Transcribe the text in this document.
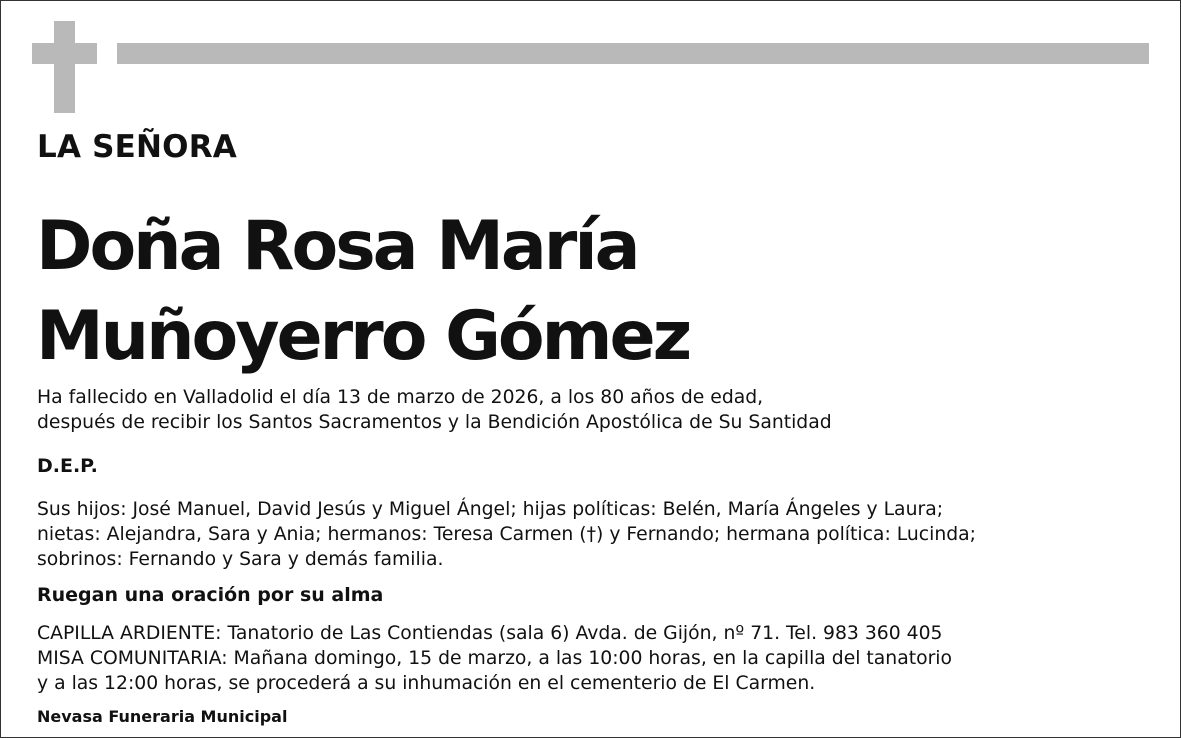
LA SEÑORA
Doña Rosa María
Muñoyerro Gómez
Ha fallecido en Valladolid el día 13 de marzo de 2026, a los 80 años de edad,
después de recibir los Santos Sacramentos y la Bendición Apostólica de Su Santidad
D.E.P.
Sus hijos: José Manuel, David Jesús y Miguel Ángel; hijas políticas: Belén, María Ángeles y Laura;
nietas: Alejandra, Sara y Ania; hermanos: Teresa Carmen (†) y Fernando; hermana política: Lucinda;
sobrinos: Fernando y Sara y demás familia.
Ruegan una oración por su alma
CAPILLA ARDIENTE: Tanatorio de Las Contiendas (sala 6) Avda. de Gijón, nº 71. Tel. 983 360 405
MISA COMUNITARIA: Mañana domingo, 15 de marzo, a las 10:00 horas, en la capilla del tanatorio
y a las 12:00 horas, se procederá a su inhumación en el cementerio de El Carmen.
Nevasa Funeraria Municipal
